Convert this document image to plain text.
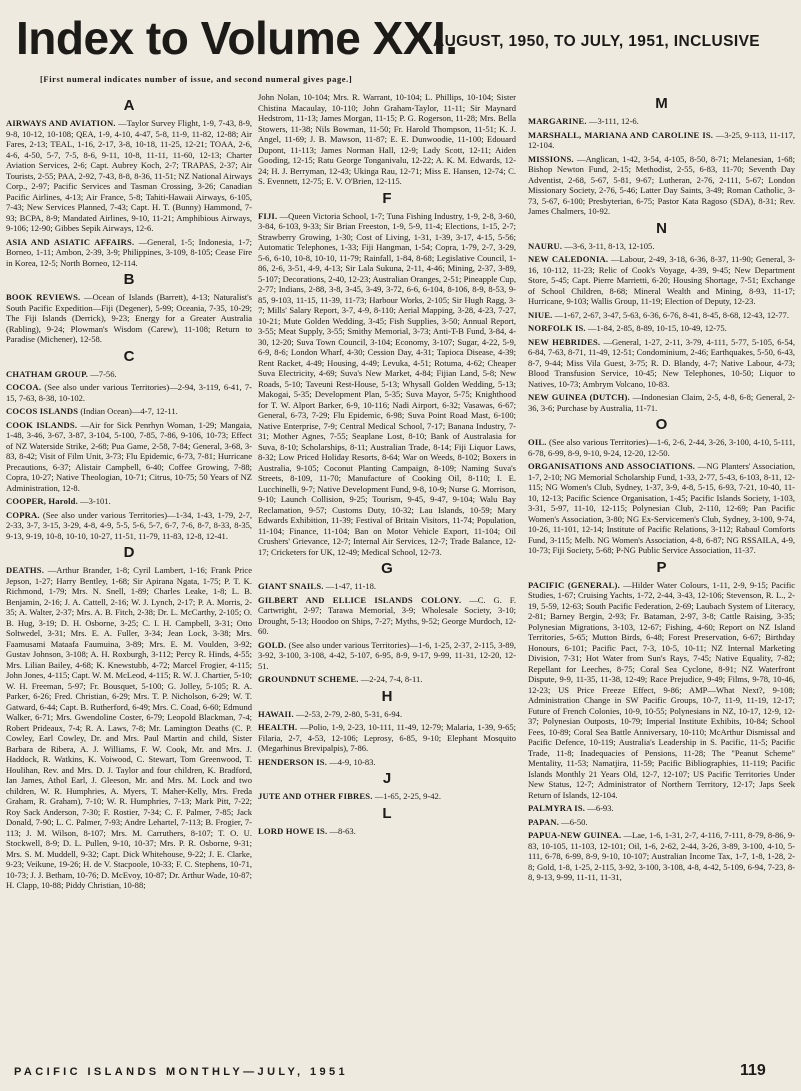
Index to Volume XXI.
AUGUST, 1950, TO JULY, 1951, INCLUSIVE
[First numeral indicates number of issue, and second numeral gives page.]
A

AIRWAYS AND AVIATION. —Taylor Survey Flight, 1-9, 7-43, 8-9, 9-8, 10-12, 10-108; QEA, 1-9, 4-10, 4-47, 5-8, 11-9, 11-82, 12-88; Air Fares, 2-13; TEAL, 1-16, 2-17, 3-8, 10-18, 11-25, 12-21; TOAA, 2-6, 4-6, 4-50, 5-7, 7-5, 8-6, 9-11, 10-8, 11-11, 11-60, 12-13; Charter Aviation Services, 2-6; Capt. Aubrey Koch, 2-7; TRAPAS, 2-37; Air Tourists, 2-55; PAA, 2-92, 7-43, 8-8, 8-36, 11-51; NZ National Airways Corp., 2-97; Pacific Services and Tasman Crossing, 3-26; Canadian Pacific Airlines, 4-13; Air France, 5-8; Tahiti-Hawaii Airways, 6-105, 7-43; New Services Planned, 7-43; Capt. H. T. (Bunny) Hammond, 7-93; BCPA, 8-9; Mandated Airlines, 9-10, 11-21; Amphibious Airways, 9-106; 12-90; Gibbes Sepik Airways, 12-6.

ASIA AND ASIATIC AFFAIRS. —General, 1-5; Indonesia, 1-7; Borneo, 1-11; Ambon, 2-39, 3-9; Philippines, 3-109, 8-105; Cease Fire in Korea, 12-5; North Borneo, 12-114.

B

BOOK REVIEWS. —Ocean of Islands (Barrett), 4-13; Naturalist's South Pacific Expedition—Fiji (Degener), 5-99; Oceania, 7-35, 10-29; The Fiji Islands (Derrick), 9-23; Energy for a Greater Australia (Rabling), 9-24; Plowman's Wisdom (Carew), 11-108; Return to Paradise (Michener), 12-58.

C

CHATHAM GROUP. —7-56.

COCOA. (See also under various Territories)—2-94, 3-119, 6-41, 7-15, 7-63, 8-38, 10-102.

COCOS ISLANDS (Indian Ocean)—4-7, 12-11.

COOK ISLANDS. —Air for Sick Penrhyn Woman, 1-29; Mangaia, 1-48, 3-46, 3-67, 3-87, 3-104, 5-100, 7-85, 7-86, 9-106, 10-73; Effect of NZ Waterside Strike, 2-68; Pua Game, 2-58, 7-84; General, 3-68, 3-83, 8-42; Visit of Film Unit, 3-73; Flu Epidemic, 6-73, 7-81; Hurricane Precautions, 6-37; Alistair Campbell, 6-40; Coffee Growing, 7-88; Copra, 10-27; Native Theologian, 10-71; Citrus, 10-75; 50 Years of NZ Administration, 12-8.

COOPER, Harold. —3-101.

COPRA. (See also under various Territories)—1-34, 1-43, 1-79, 2-7, 2-33, 3-7, 3-15, 3-29, 4-8, 4-9, 5-5, 5-6, 5-7, 6-7, 7-6, 8-7, 8-33, 8-35, 9-13, 9-19, 10-8, 10-10, 10-27, 11-51, 11-79, 11-83, 12-8, 12-41.

D

DEATHS. —Arthur Brander, 1-8; Cyril Lambert, 1-16; Frank Price Jepson, 1-27; Harry Bentley, 1-68; Sir Apirana Ngata, 1-75; P. T. K. Richmond, 1-79; Mrs. N. Snell, 1-89; Charles Leake, 1-8; L. B. Benjamin, 2-16; J. A. Cattell, 2-16; W. J. Lynch, 2-17; P. A. Morris, 2-35; A. Walter, 2-37; Mrs. A. B. Fitch, 2-38; Dr. L. McCarthy, 2-105; O. B. Hug, 3-19; D. H. Osborne, 3-25; C. I. H. Campbell, 3-31; Otto Soltwedel, 3-31; Mrs. E. A. Fuller, 3-34; Jean Lock, 3-38; Mrs. Faamusami Mataafa Faumuina, 3-89; Mrs. E. M. Voulden, 3-92; Gustav Johnson, 3-108; A. H. Roxburgh, 3-112; Percy R. Hinds, 4-55; Mrs. Lilian Bailey, 4-68; K. Knewstubb, 4-72; Marcel Frogier, 4-115; John Jones, 4-115; Capt. W. M. McLeod, 4-115; R. W. J. Chartier, 5-10; W. H. Freeman, 5-97; Fr. Bousquet, 5-100; G. Jolley, 5-105; R. A. Parker, 6-26; Fred. Christian, 6-29; Mrs. T. P. Nicholson, 6-29; W. T. Gatward, 6-44; Capt. B. Rutherford, 6-49; Mrs. C. Coad, 6-60; Edmund Walker, 6-71; Mrs. Gwendoline Coster, 6-79; Leopold Blackman, 7-4; Robert Prideaux, 7-4; R. A. Laws, 7-8; Mr. Lamington Deaths (C. P. Cowley, Earl Cowley, Dr. and Mrs. Paul Martin and child, Sister Barbara de Ribera, A. J. Williams, F. W. Cook, Mr. and Mrs. J. Haddock, R. Watkins, K. Voiwood, C. Stewart, Tom Greenwood, T. Houlihan, Rev. and Mrs. D. J. Taylor and four children, K. Bradford, Ian James, Athol Earl, J. Gleeson, Mr. and Mrs. M. Lock and two children, W. R. Humphries, A. Myers, T. Maher-Kelly, Mrs. Freda Graham, R. Graham), 7-10; W. R. Humphries, 7-13; Mark Pitt, 7-22; Roy Sack Anderson, 7-30; F. Rostier, 7-34; C. F. Palmer, 7-85; Jack Donald, 7-90; L. C. Palmer, 7-93; Andre Lehartel, 7-113; B. Frogier, 7-113; J. M. Wilson, 8-107; Mrs. M. Carruthers, 8-107; T. O. U. Stockwell, 8-9; D. L. Pullen, 9-10, 10-37; Mrs. P. R. Osborne, 9-31; Mrs. S. M. Muddell, 9-32; Capt. Dick Whitehouse, 9-22; J. E. Clarke, 9-23; Veikune, 19-26; H. de V. Stacpoole, 10-33; F. C. Stephens, 10-71, 10-73; J. J. Betham, 10-76; D. McEvoy, 10-87; Dr. Arthur Wade, 10-87; H. Clapp, 10-88; Piddy Christian, 10-88;

John Nolan, 10-104; Mrs. R. Warrant, 10-104; L. Phillips, 10-104; Sister Chistina Macaulay, 10-110; John Graham-Taylor, 11-11; Sir Maynard Hedstrom, 11-13; James Morgan, 11-15; P. G. Rogerson, 11-28; Mrs. Bella Stowers, 11-38; Nils Bowman, 11-50; Fr. Harold Thompson, 11-51; K. J. Angel, 11-69; J. B. Mawson, 11-87; E. E. Dunwoodie, 11-100; Edouard Dupont, 11-113; James Norman Hall, 12-9; Lady Scott, 12-11; Aiden Gooding, 12-15; Ratu George Tonganivalu, 12-22; A. K. M. Edwards, 12-24; H. J. Berryman, 12-43; Ukinga Rau, 12-71; Miss E. Hansen, 12-74; C. S. Evennett, 12-75; E. V. O'Brien, 12-115.

F

FIJI. —Queen Victoria School, 1-7; Tuna Fishing Industry, 1-9, 2-8, 3-60, 3-84, 6-103, 9-33; Sir Brian Freeston, 1-9, 5-9, 11-4; Elections, 1-15, 2-7; Strawberry Growing, 1-30; Cost of Living, 1-31, 1-39, 3-17, 4-15, 5-56; Automatic Telephones, 1-33; Fiji Hangman, 1-54; Copra, 1-79, 2-7, 3-29, 5-6, 6-10, 10-8, 10-10, 11-79; Rainfall, 1-84, 8-68; Legislative Council, 1-86, 2-6, 3-51, 4-9, 4-13; Sir Lala Sukuna, 2-11, 4-46; Mining, 2-37, 3-89, 5-107; Decorations, 2-40, 12-23; Australian Oranges, 2-51; Pineapple Cup, 2-77; Indians, 2-88, 3-8, 3-45, 3-49, 3-72, 6-6, 6-104, 8-106, 8-9, 8-53, 9-85, 9-103, 11-15, 11-39, 11-73; Harbour Works, 2-105; Sir Hugh Ragg, 3-7; Mills' Salary Report, 3-7, 4-9, 8-110; Aerial Mapping, 3-28, 4-23, 7-27, 10-21; Mute Golden Wedding, 3-45; Fish Supplies, 3-50; Annual Report, 3-55; Meat Supply, 3-55; Smithy Memorial, 3-73; Anti-T-B Fund, 3-84, 4-30, 12-20; Suva Town Council, 3-104; Economy, 3-107; Sugar, 4-22, 5-9, 6-9, 8-6; London Wharf, 4-30; Cession Day, 4-31; Tapioca Disease, 4-39; Rent Racket, 4-49; Housing, 4-49; Levuka, 4-51; Rotuma, 4-62; Cheaper Suva Electricity, 4-69; Suva's New Market, 4-84; Fijian Land, 5-8; New Roads, 5-10; Taveuni Rest-House, 5-13; Whysall Golden Wedding, 5-13; Makogai, 5-35; Development Plan, 5-35; Suva Mayor, 5-75; Knighthood for T. W. Alport Barker, 6-9, 10-116; Nadi Airport, 6-32; Vasawas, 6-67; General, 6-73, 7-29; Flu Epidemic, 6-98; Suva Point Road Mast, 6-100; Native Enterprise, 7-9; Central Medical School, 7-17; Banana Industry, 7-31; Mother Agnes, 7-55; Seaplane Lost, 8-10; Bank of Australasia for Suva, 8-10; Scholarships, 8-11; Australian Trade, 8-14; Fiji Liquor Laws, 8-32; Low Priced Holiday Resorts, 8-64; War on Weeds, 8-102; Boxers in Australia, 9-105; Coconut Planting Campaign, 8-109; Naming Suva's Streets, 8-109, 11-70; Manufacture of Cooking Oil, 8-110; I. E. Lucchinelli, 9-7; Native Development Fund, 9-8, 10-9; Nurse G. Morrison, 9-10; Launch Collision, 9-25; Tourism, 9-45, 9-47, 9-104; Walu Bay Reclamation, 9-57; Customs Duty, 10-32; Lau Islands, 10-59; Mary Edwards Exhibition, 11-39; Festival of Britain Visitors, 11-74; Population, 11-104; Finance, 11-104; Ban on Motor Vehicle Export, 11-104; Oil Crushers' Grievance, 12-7; Internal Air Services, 12-7; Trade Balance, 12-17; Cricketers for UK, 12-49; Medical School, 12-73.

G

GIANT SNAILS. —1-47, 11-18.

GILBERT AND ELLICE ISLANDS COLONY. —C. G. F. Cartwright, 2-97; Tarawa Memorial, 3-9; Wholesale Society, 3-10; Drought, 5-13; Hoodoo on Ships, 7-27; Myths, 9-52; George Murdoch, 12-60.

GOLD. (See also under various Territories)—1-6, 1-25, 2-37, 2-115, 3-89, 3-92, 3-100, 3-108, 4-42, 5-107, 6-95, 8-9, 9-17, 9-99, 11-31, 12-20, 12-51.

GROUNDNUT SCHEME. —2-24, 7-4, 8-11.

H

HAWAII. —2-53, 2-79, 2-80, 5-31, 6-94.

HEALTH. —Polio, 1-9, 2-23, 10-111, 11-49, 12-79; Malaria, 1-39, 9-65; Filaria, 2-7, 4-53, 12-106; Leprosy, 6-85, 9-10; Elephant Mosquito (Megarhinus Brevipalpis), 7-86.

HENDERSON IS. —4-9, 10-83.

J

JUTE AND OTHER FIBRES. —1-65, 2-25, 9-42.

L

LORD HOWE IS. —8-63.

M

MARGARINE. —3-111, 12-6.

MARSHALL, MARIANA AND CAROLINE IS. —3-25, 9-113, 11-117, 12-104.

MISSIONS. —Anglican, 1-42, 3-54, 4-105, 8-50, 8-71; Melanesian, 1-68; Bishop Newton Fund, 2-15; Methodist, 2-55, 6-83, 11-70; Seventh Day Adventist, 2-68, 5-67, 5-81, 9-67; Lutheran, 2-76, 2-111, 5-67; London Missionary Society, 2-76, 5-46; Latter Day Saints, 3-49; Roman Catholic, 3-73, 5-67, 6-100; Presbyterian, 6-75; Pastor Kata Ragoso (SDA), 8-31; Rev. James Chalmers, 10-92.

N

NAURU. —3-6, 3-11, 8-13, 12-105.

NEW CALEDONIA. —Labour, 2-49, 3-18, 6-36, 8-37, 11-90; General, 3-16, 10-112, 11-23; Relic of Cook's Voyage, 4-39, 9-45; New Department Store, 5-45; Capt. Pierre Marrietti, 6-20; Housing Shortage, 7-51; Exchange of School Children, 8-68; Mineral Wealth and Mining, 8-93, 11-17; Hurricane, 9-103; Wallis Group, 11-19; Election of Deputy, 12-23.

NIUE. —1-67, 2-67, 3-47, 5-63, 6-36, 6-76, 8-41, 8-45, 8-68, 12-43, 12-77.

NORFOLK IS. —1-84, 2-85, 8-89, 10-15, 10-49, 12-75.

NEW HEBRIDES. —General, 1-27, 2-11, 3-79, 4-111, 5-77, 5-105, 6-54, 6-84, 7-63, 8-71, 11-49, 12-51; Condominium, 2-46; Earthquakes, 5-50, 6-43, 8-7, 9-44; Miss Vila Guest, 3-75; R. D. Blandy, 4-7; Native Labour, 4-73; Blood Transfusion Service, 10-45; New Telephones, 10-50; Liquor to Natives, 10-73; Ambrym Volcano, 10-83.

NEW GUINEA (DUTCH). —Indonesian Claim, 2-5, 4-8, 6-8; General, 2-36, 3-6; Purchase by Australia, 11-71.

O

OIL. (See also various Territories)—1-6, 2-6, 2-44, 3-26, 3-100, 4-10, 5-111, 6-78, 6-99, 8-9, 9-10, 9-24, 12-20, 12-50.

ORGANISATIONS AND ASSOCIATIONS. —NG Planters' Association, 1-7, 2-10; NG Memorial Scholarship Fund, 1-33, 2-77, 5-43, 6-103, 8-11, 12-115; NG Women's Club, Sydney, 1-37, 3-9, 4-8, 5-15, 6-93, 7-21, 10-40, 11-10, 12-13; Pacific Science Organisation, 1-45; Pacific Islands Society, 1-103, 3-31, 5-97, 11-10, 12-115; Polynesian Club, 2-110, 12-69; Pan Pacific Women's Association, 3-80; NG Ex-Servicemen's Club, Sydney, 3-100, 9-74, 10-26, 11-101, 12-14; Institute of Pacific Relations, 3-112; Rabaul Comforts Fund, 3-115; Melb. NG Women's Association, 4-8, 6-87; NG RSSAILA, 4-9, 10-73; Fiji Society, 5-68; P-NG Public Service Association, 11-37.

P

PACIFIC (GENERAL). —Hilder Water Colours, 1-11, 2-9, 9-15; Pacific Studies, 1-67; Cruising Yachts, 1-72, 2-44, 3-43, 12-106; Stevenson, R. L., 2-19, 5-59, 12-63; South Pacific Federation, 2-69; Laubach System of Literacy, 2-81; Barney Bergin, 2-93; Fr. Bataman, 2-97, 3-8; Cattle Raising, 3-35; Polynesian Migrations, 3-103, 12-67; Fishing, 4-60; Report on NZ Island Territories, 5-65; Mutton Birds, 6-48; Forest Preservation, 6-67; Birthday Honours, 6-101; Pacific Pact, 7-3, 10-5, 10-11; NZ Internal Marketing Division, 7-31; Hot Water from Sun's Rays, 7-45; Native Equality, 7-82; Repellant for Leeches, 8-75; Coral Sea Cyclone, 8-91; NZ Waterfront Dispute, 9-9, 11-35, 11-38, 12-49; Race Prejudice, 9-49; Films, 9-78, 10-46, 12-23; US Price Freeze Effect, 9-86; AMP—What Next?, 9-108; Administration Change in SW Pacific Groups, 10-7, 11-9, 11-19, 12-17; Future of French Colonies, 10-9, 10-55; Polynesians in NZ, 10-17, 12-9, 12-37; Polynesian Outposts, 10-79; Imperial Institute Exhibits, 10-84; School Fees, 10-89; Coral Sea Battle Anniversary, 10-110; McArthur Dismissal and Pacific Defence, 10-119; Australia's Leadership in S. Pacific, 11-5; Pacific Trade, 11-8; Inadequacies of Pensions, 11-28; The "Peanut Scheme" Mentality, 11-53; Namatjira, 11-59; Pacific Bibliographies, 11-119; Pacific Islands Monthly 21 Years Old, 12-7, 12-107; US Pacific Territories Under New Status, 12-7; Administrator of Northern Territory, 12-17; Japs Seek Return of Islands, 12-104.

PALMYRA IS. —6-93.

PAPAN. —6-50.

PAPUA-NEW GUINEA. —Lae, 1-6, 1-31, 2-7, 4-116, 7-111, 8-79, 8-86, 9-83, 10-105, 11-103, 12-101; Oil, 1-6, 2-62, 2-44, 3-26, 3-89, 3-100, 4-10, 5-111, 6-78, 6-99, 8-9, 9-10, 10-107; Australian Income Tax, 1-7, 1-8, 1-28, 2-8; Gold, 1-8, 1-25, 2-115, 3-92, 3-100, 3-108, 4-8, 4-42, 5-109, 6-94, 7-23, 8-8, 9-13, 9-99, 11-11, 11-31,

PACIFIC ISLANDS MONTHLY—JULY, 1951	119
